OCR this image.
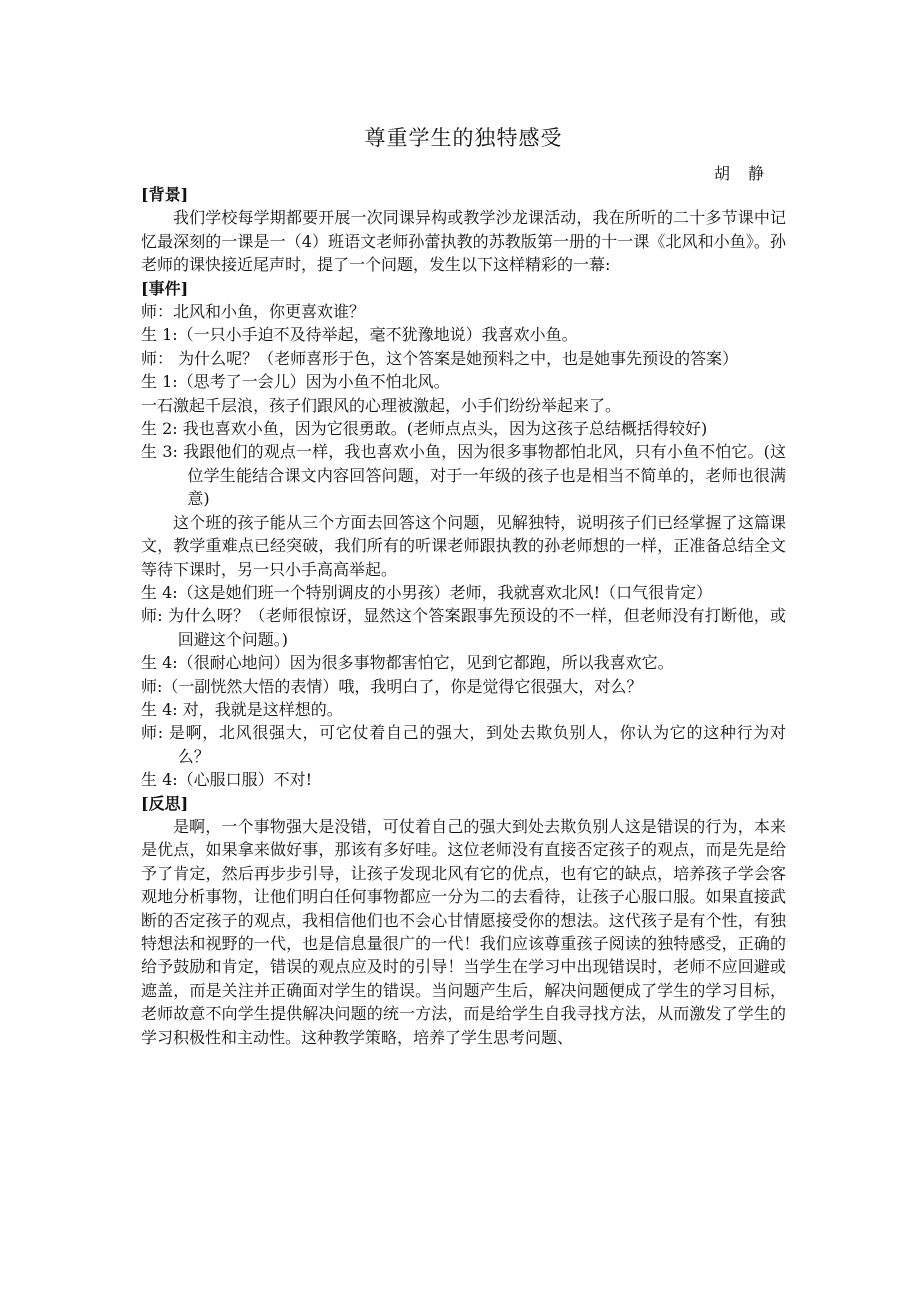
尊重学生的独特感受
胡静

[背景]

我们学校每学期都要开展一次同课异构或教学沙龙课活动，我在所听的二十多节课中记忆最深刻的一课是一（4）班语文老师孙蕾执教的苏教版第一册的十一课《北风和小鱼》。孙老师的课快接近尾声时，提了一个问题，发生以下这样精彩的一幕:

[事件]

师：北风和小鱼，你更喜欢谁？

生 1:（一只小手迫不及待举起，毫不犹豫地说）我喜欢小鱼。

师： 为什么呢？（老师喜形于色，这个答案是她预料之中，也是她事先预设的答案）

生 1:（思考了一会儿）因为小鱼不怕北风。

一石激起千层浪，孩子们跟风的心理被激起，小手们纷纷举起来了。

生 2: 我也喜欢小鱼，因为它很勇敢。(老师点点头，因为这孩子总结概括得较好)

生 3: 我跟他们的观点一样，我也喜欢小鱼，因为很多事物都怕北风，只有小鱼不怕它。(这位学生能结合课文内容回答问题，对于一年级的孩子也是相当不简单的，老师也很满意)

这个班的孩子能从三个方面去回答这个问题，见解独特，说明孩子们已经掌握了这篇课文，教学重难点已经突破，我们所有的听课老师跟执教的孙老师想的一样，正准备总结全文等待下课时，另一只小手高高举起。

生 4:（这是她们班一个特别调皮的小男孩）老师，我就喜欢北风!（口气很肯定）

师: 为什么呀？（老师很惊讶，显然这个答案跟事先预设的不一样，但老师没有打断他，或回避这个问题。)

生 4:（很耐心地问）因为很多事物都害怕它，见到它都跑，所以我喜欢它。

师:（一副恍然大悟的表情）哦，我明白了，你是觉得它很强大，对么？

生 4: 对，我就是这样想的。

师: 是啊，北风很强大，可它仗着自己的强大，到处去欺负别人，你认为它的这种行为对么？

生 4:（心服口服）不对!

[反思]

是啊，一个事物强大是没错，可仗着自己的强大到处去欺负别人这是错误的行为，本来是优点，如果拿来做好事，那该有多好哇。这位老师没有直接否定孩子的观点，而是先是给予了肯定，然后再步步引导，让孩子发现北风有它的优点，也有它的缺点，培养孩子学会客观地分析事物，让他们明白任何事物都应一分为二的去看待，让孩子心服口服。如果直接武断的否定孩子的观点，我相信他们也不会心甘情愿接受你的想法。这代孩子是有个性，有独特想法和视野的一代，也是信息量很广的一代！我们应该尊重孩子阅读的独特感受，正确的给予鼓励和肯定，错误的观点应及时的引导！当学生在学习中出现错误时，老师不应回避或遮盖，而是关注并正确面对学生的错误。当问题产生后，解决问题便成了学生的学习目标，老师故意不向学生提供解决问题的统一方法，而是给学生自我寻找方法，从而激发了学生的学习积极性和主动性。这种教学策略，培养了学生思考问题、
